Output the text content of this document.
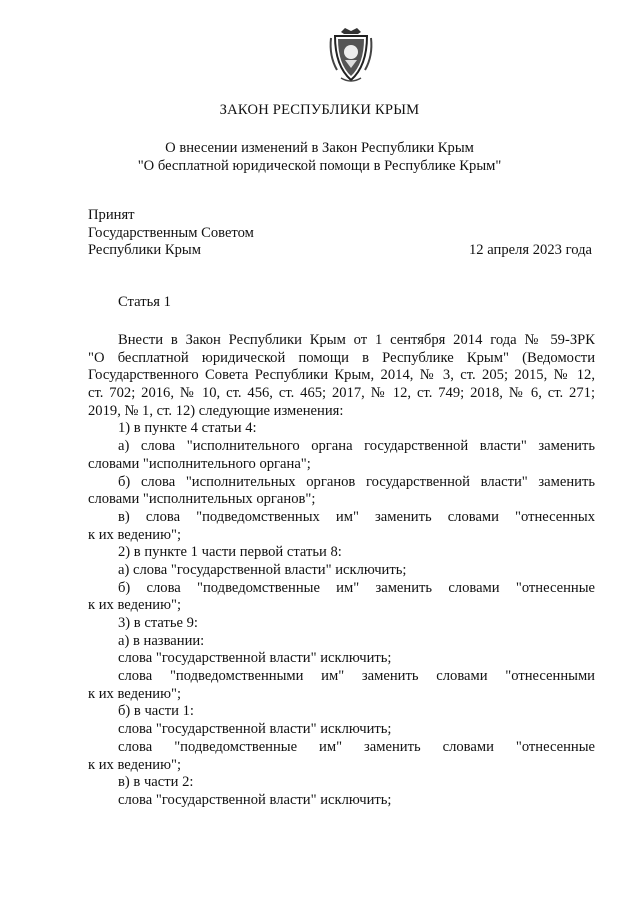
ЗАКОН РЕСПУБЛИКИ КРЫМ
О внесении изменений в Закон Республики Крым
"О бесплатной юридической помощи в Республике Крым"
Принят
Государственным Советом
Республики Крым	12 апреля 2023 года
Статья 1
Внести в Закон Республики Крым от 1 сентября 2014 года № 59-ЗРК
"О бесплатной юридической помощи в Республике Крым" (Ведомости
Государственного Совета Республики Крым, 2014, № 3, ст. 205; 2015, № 12,
ст. 702; 2016, № 10, ст. 456, ст. 465; 2017, № 12, ст. 749; 2018, № 6, ст. 271;
2019, № 1, ст. 12) следующие изменения:
1) в пункте 4 статьи 4:
а) слова "исполнительного органа государственной власти" заменить
словами "исполнительного органа";
б) слова "исполнительных органов государственной власти" заменить
словами "исполнительных органов";
в) слова "подведомственных им" заменить словами "отнесенных
к их ведению";
2) в пункте 1 части первой статьи 8:
а) слова "государственной власти" исключить;
б) слова "подведомственные им" заменить словами "отнесенные
к их ведению";
3) в статье 9:
а) в названии:
слова "государственной власти" исключить;
слова "подведомственными им" заменить словами "отнесенными
к их ведению";
б) в части 1:
слова "государственной власти" исключить;
слова "подведомственные им" заменить словами "отнесенные
к их ведению";
в) в части 2:
слова "государственной власти" исключить;
